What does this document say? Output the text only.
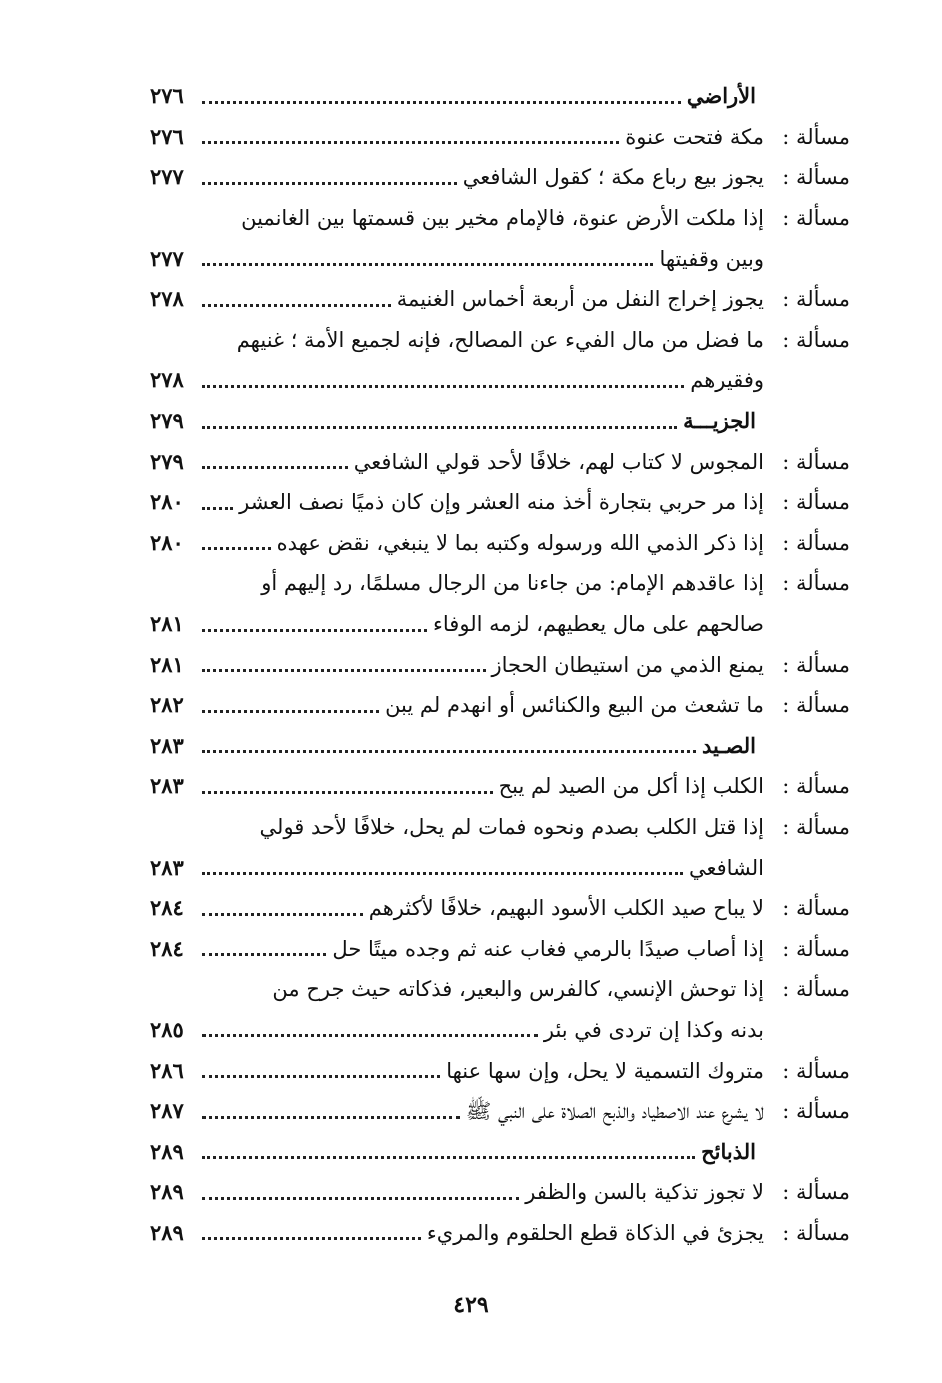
الأراضي
٢٧٦
مسألة :
مكة فتحت عنوة
٢٧٦
مسألة :
يجوز بيع رباع مكة ؛ كقول الشافعي
٢٧٧
مسألة :
إذا ملكت الأرض عنوة، فالإمام مخير بين قسمتها بين الغانمين
وبين وقفيتها
٢٧٧
مسألة :
يجوز إخراج النفل من أربعة أخماس الغنيمة
٢٧٨
مسألة :
ما فضل من مال الفيء عن المصالح، فإنه لجميع الأمة ؛ غنيهم
وفقيرهم
٢٧٨
الجزيـــة
٢٧٩
مسألة :
المجوس لا كتاب لهم، خلافًا لأحد قولي الشافعي
٢٧٩
مسألة :
إذا مر حربي بتجارة أخذ منه العشر وإن كان ذميًا نصف العشر
٢٨٠
مسألة :
إذا ذكر الذمي الله ورسوله وكتبه بما لا ينبغي، نقض عهده
٢٨٠
مسألة :
إذا عاقدهم الإمام: من جاءنا من الرجال مسلمًا، رد إليهم أو
صالحهم على مال يعطيهم، لزمه الوفاء
٢٨١
مسألة :
يمنع الذمي من استيطان الحجاز
٢٨١
مسألة :
ما تشعث من البيع والكنائس أو انهدم لم يبن
٢٨٢
الصـيد
٢٨٣
مسألة :
الكلب إذا أكل من الصيد لم يبح
٢٨٣
مسألة :
إذا قتل الكلب بصدم ونحوه فمات لم يحل، خلافًا لأحد قولي
الشافعي
٢٨٣
مسألة :
لا يباح صيد الكلب الأسود البهيم، خلافًا لأكثرهم
٢٨٤
مسألة :
إذا أصاب صيدًا بالرمي فغاب عنه ثم وجده ميتًا حل
٢٨٤
مسألة :
إذا توحش الإنسي، كالفرس والبعير، فذكاته حيث جرح من
بدنه وكذا إن تردى في بئر
٢٨٥
مسألة :
متروك التسمية لا يحل، وإن سها عنها
٢٨٦
مسألة :
لا يشرع عند الاصطياد والذبح الصلاة على النبي ﷺ
٢٨٧
الذبائح
٢٨٩
مسألة :
لا تجوز تذكية بالسن والظفر
٢٨٩
مسألة :
يجزئ في الذكاة قطع الحلقوم والمريء
٢٨٩
٤٢٩
